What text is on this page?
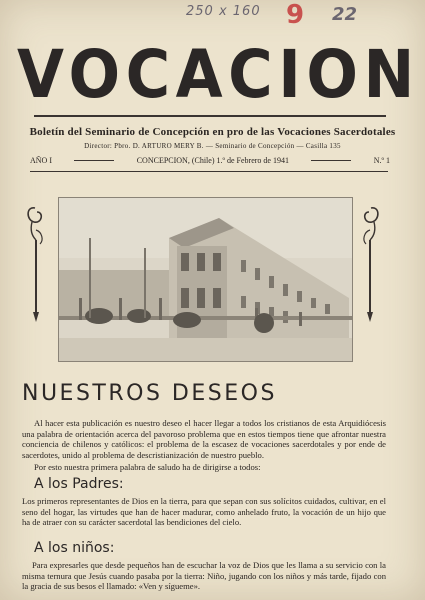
250 x 160 9 22
VOCACION
Boletín del Seminario de Concepción en pro de las Vocaciones Sacerdotales
Director: Pbro. D. ARTURO MERY B. — Seminario de Concepción — Casilla 135
AÑO I	CONCEPCION, (Chile) 1.º de Febrero de 1941	N.º 1
NUESTROS DESEOS
Al hacer esta publicación es nuestro deseo el hacer llegar a todos los cristianos de esta Arquidiócesis una palabra de orientación acerca del pavoroso problema que en estos tiempos tiene que afrontar nuestra conciencia de chilenos y católicos: el problema de la escasez de vocaciones sacerdotales y por ende de sacerdotes, unido al problema de descristianización de nuestro pueblo.
Por esto nuestra primera palabra de saludo ha de dirigirse a todos:
A los Padres:
Los primeros representantes de Dios en la tierra, para que sepan con sus solícitos cuidados, cultivar, en el seno del hogar, las virtudes que han de hacer madurar, como anhelado fruto, la vocación de un hijo que ha de atraer con su carácter sacerdotal las bendiciones del cielo.
A los niños:
Para expresarles que desde pequeños han de escuchar la voz de Dios que les llama a su servicio con la misma ternura que Jesús cuando pasaba por la tierra: Niño, jugando con los niños y más tarde, fijado con la gracia de sus besos el llamado: «Ven y sígueme».
